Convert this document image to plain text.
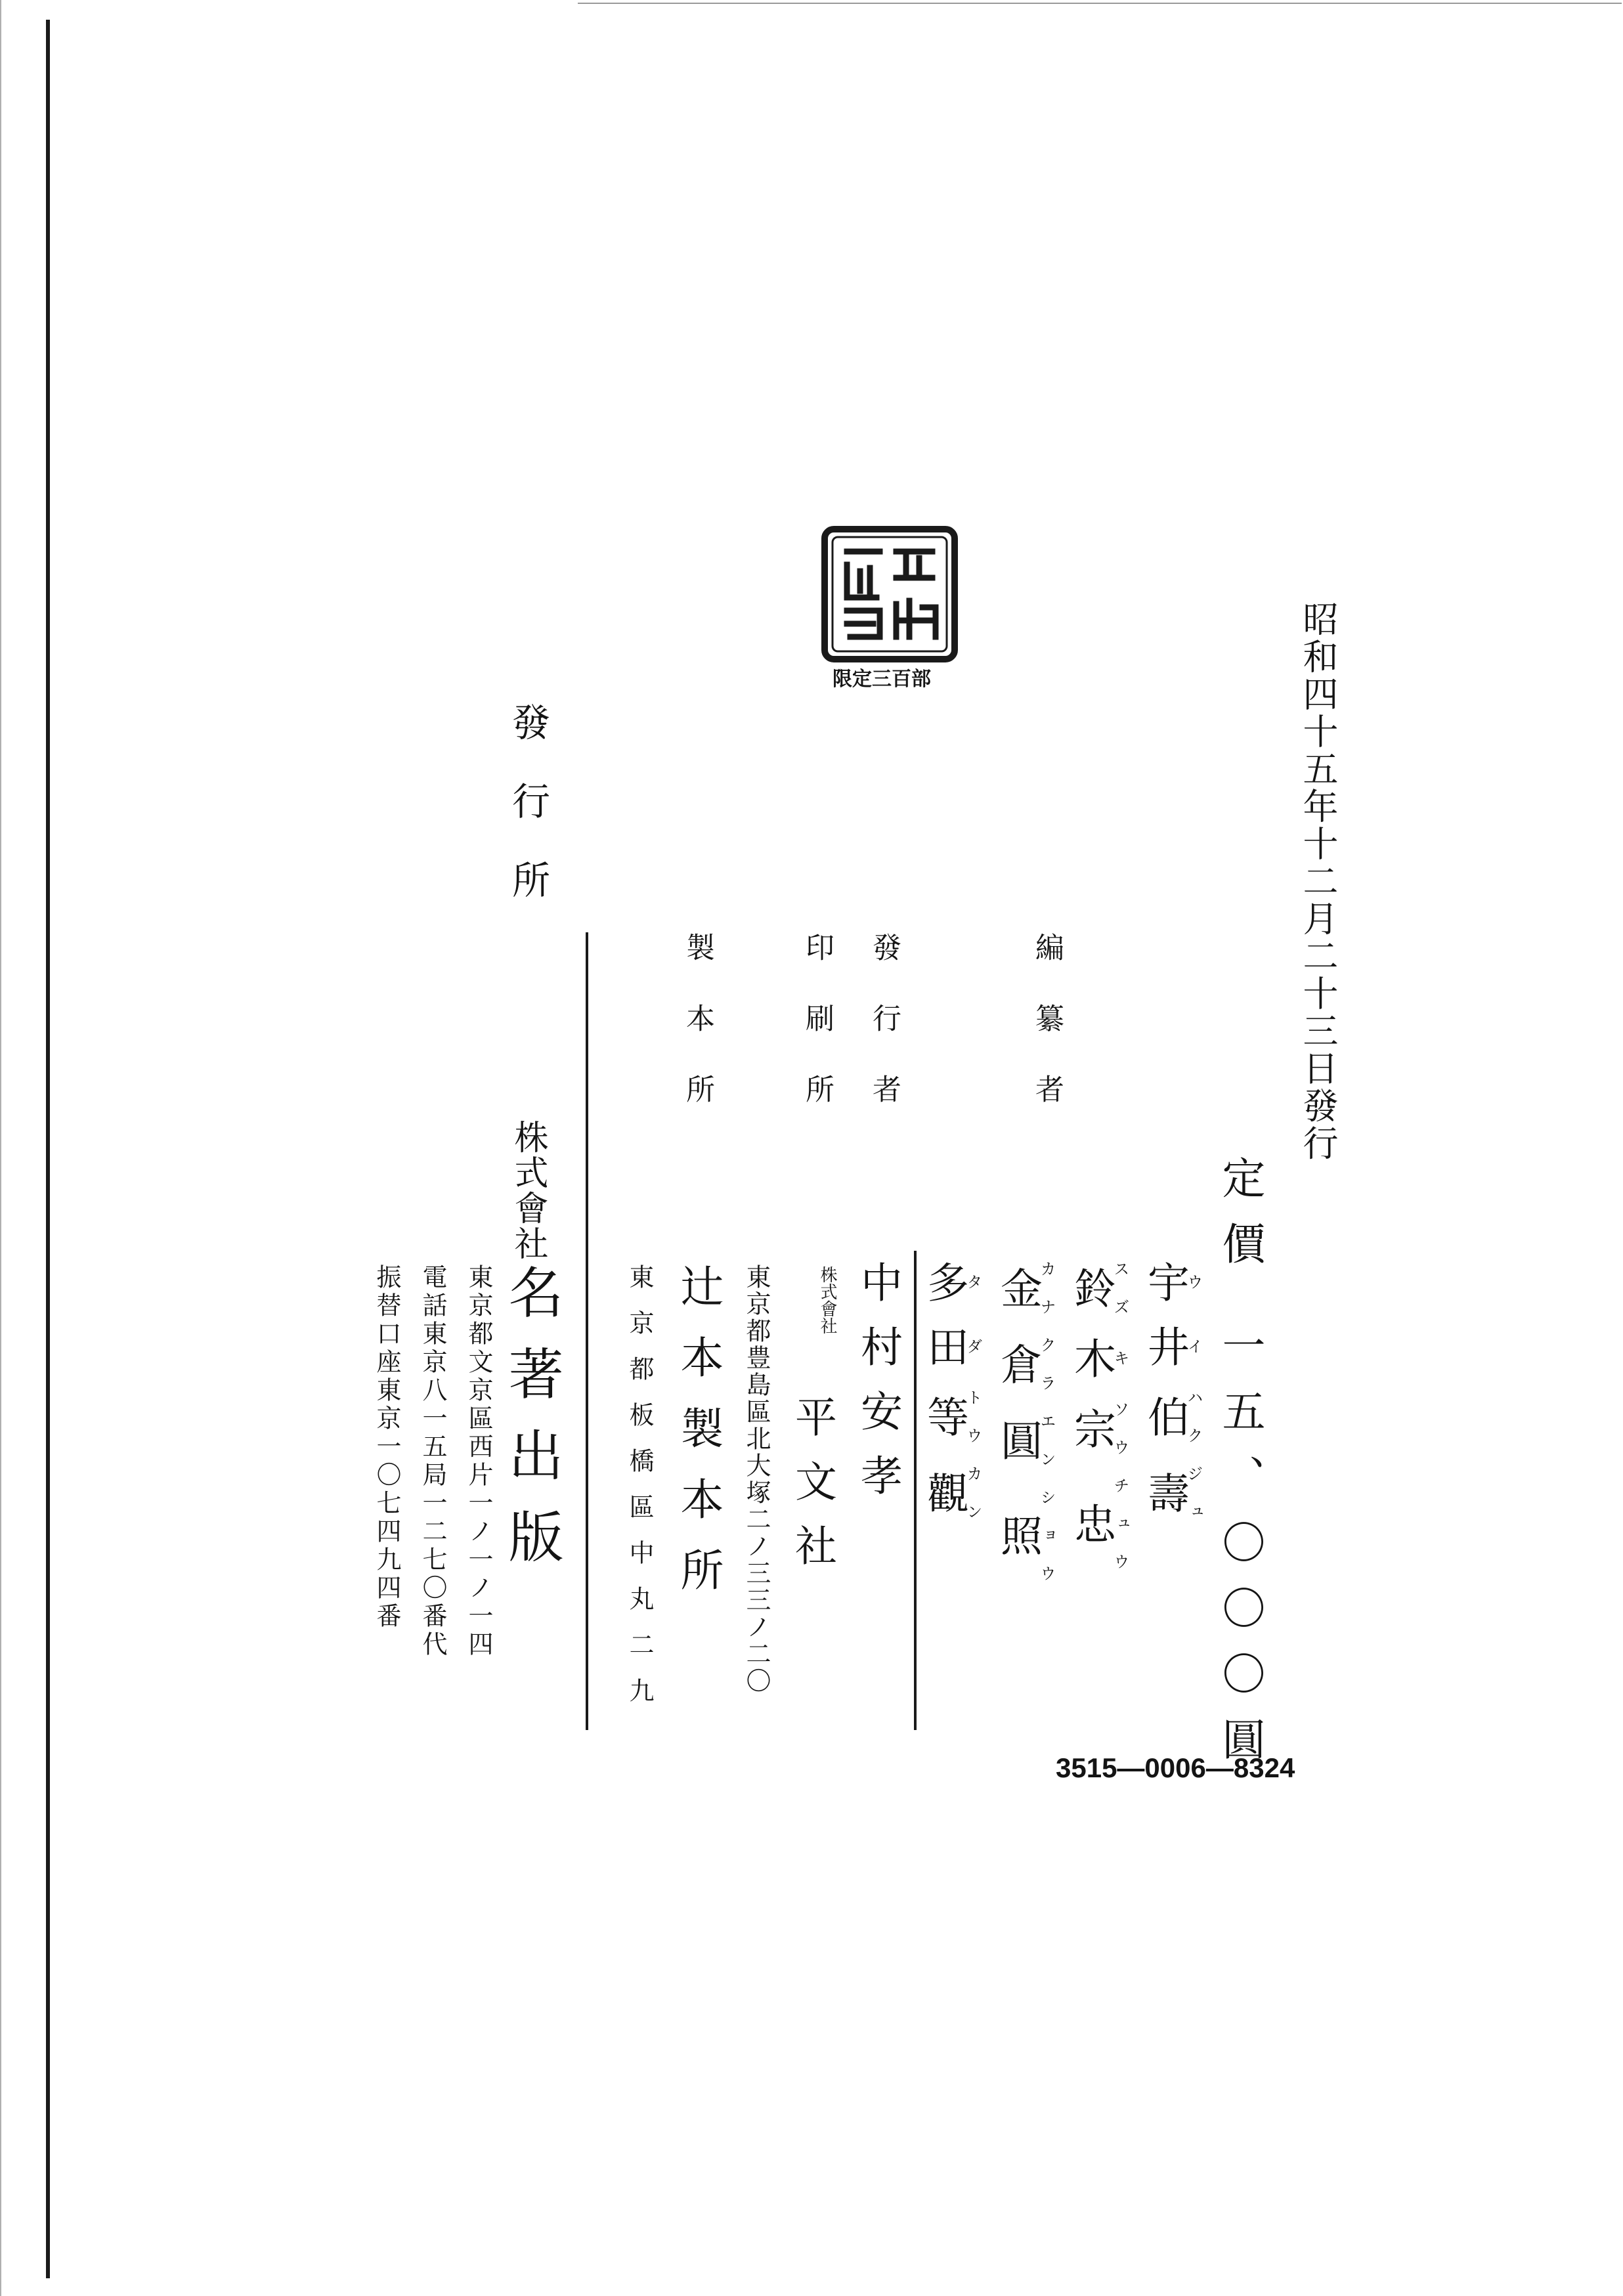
限定三百部	昭和四十五年十二月二十三日發行

定價 一五、〇〇〇圓

編纂者

宇ウ井イ伯ハク壽ジュ
鈴スズ木キ宗ソウ忠チュウ
金カナ倉クラ圓エン照ショウ
多タ田ダ等トウ觀カン

發行者

中村安孝

印刷所

株式會社

平文社

東京都豊島區北大塚二ノ三三ノ二〇

製本所

辻本製本所

東京都板橋區中丸二九

發行所

株式會社

名著出版

東京都文京區西片一ノ一ノ一四

電話東京八一五局一二七〇番代

振替口座東京一〇七四九四番

3515—0006—8324
